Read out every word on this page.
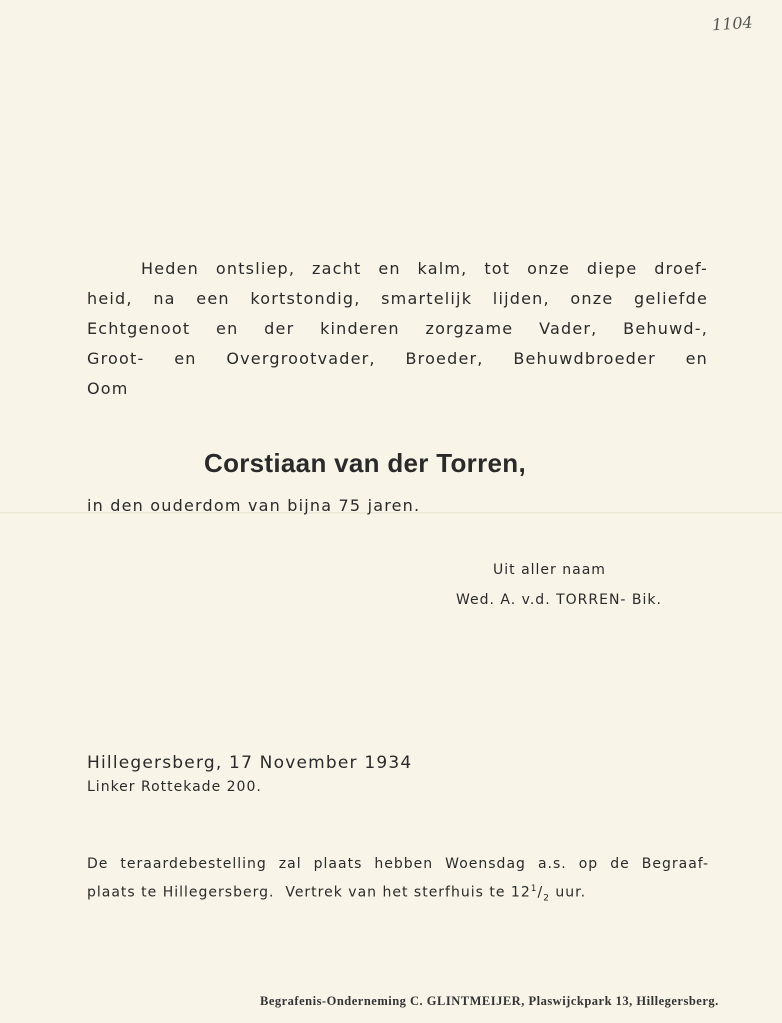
1104
Heden ontsliep, zacht en kalm, tot onze diepe droef-
heid, na een kortstondig, smartelijk lijden, onze geliefde
Echtgenoot en der kinderen zorgzame Vader, Behuwd-,
Groot- en Overgrootvader, Broeder, Behuwdbroeder en
Oom
Corstiaan van der Torren,
in den ouderdom van bijna 75 jaren.
Uit aller naam
Wed. A. v.d. TORREN- Bik.
Hillegersberg, 17 November 1934
Linker Rottekade 200.
De teraardebestelling zal plaats hebben Woensdag a.s. op de Begraaf-
plaats te Hillegersberg.  Vertrek van het sterfhuis te $12^1/_2$ uur.
Begrafenis-Onderneming C. GLINTMEIJER, Plaswijckpark 13, Hillegersberg.
